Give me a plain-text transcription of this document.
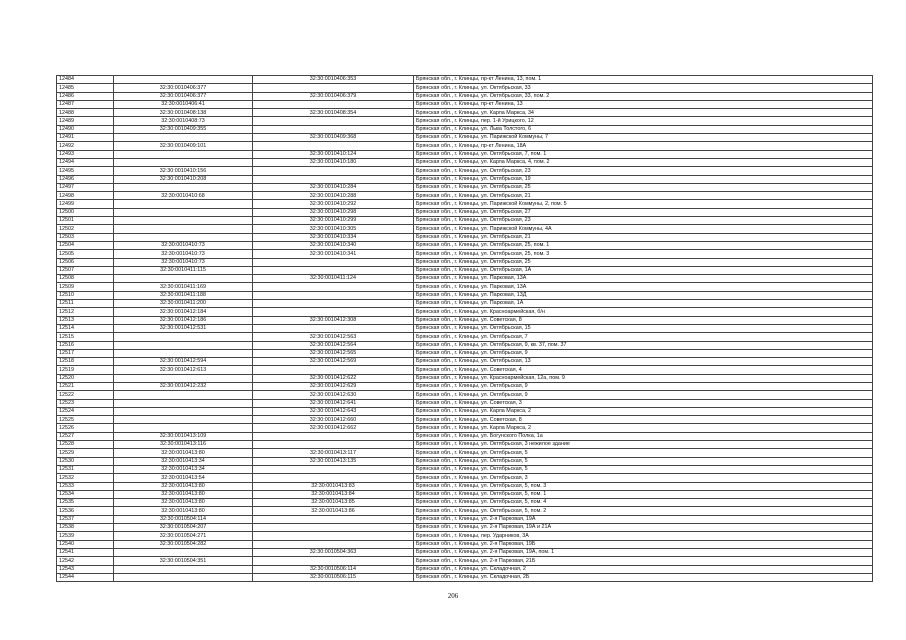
12484		32:30:0010406:353	Брянская обл., г. Клинцы, пр-кт Ленина, 13, пом. 1
12485	32:30:0010406:377		Брянская обл., г. Клинцы, ул. Октябрьская, 33
12486	32:30:0010406:377	32:30:0010406:379	Брянская обл., г. Клинцы, ул. Октябрьская, 33, пом. 2
12487	32:30:0010406:41		Брянская обл., г. Клинцы, пр-кт Ленина, 13
12488	32:30:0010408:138	32:30:0010408:354	Брянская обл., г. Клинцы, ул. Карла Маркса, 34
12489	32:30:0010408:73		Брянская обл., г. Клинцы, пер. 1-й Урицкого, 12
12490	32:30:0010409:355		Брянская обл., г. Клинцы, ул. Льва Толстого, 6
12491		32:30:0010409:368	Брянская обл., г. Клинцы, ул. Парижской Коммуны, 7
12492	32:30:0010409:101		Брянская обл., г. Клинцы, пр-кт Ленина, 18А
12493		32:30:0010410:124	Брянская обл., г. Клинцы, ул. Октябрьская, 7, пом. 1
12494		32:30:0010410:180	Брянская обл., г. Клинцы, ул. Карла Маркса, 4, пом. 2
12495	32:30:0010410:156		Брянская обл., г. Клинцы, ул. Октябрьская, 23
12496	32:30:0010410:208		Брянская обл., г. Клинцы, ул. Октябрьская, 19
12497		32:30:0010410:284	Брянская обл., г. Клинцы, ул. Октябрьская, 25
12498	32:30:0010410:68	32:30:0010410:288	Брянская обл., г. Клинцы, ул. Октябрьская, 21
12499		32:30:0010410:292	Брянская обл., г. Клинцы, ул. Парижской Коммуны, 2, пом. 5
12500		32:30:0010410:298	Брянская обл., г. Клинцы, ул. Октябрьская, 27
12501		32:30:0010410:299	Брянская обл., г. Клинцы, ул. Октябрьская, 23
12502		32:30:0010410:305	Брянская обл., г. Клинцы, ул. Парижской Коммуны, 4А
12503		32:30:0010410:334	Брянская обл., г. Клинцы, ул. Октябрьская, 21
12504	32:30:0010410:73	32:30:0010410:340	Брянская обл., г. Клинцы, ул. Октябрьская, 25, пом. 1
12505	32:30:0010410:73	32:30:0010410:341	Брянская обл., г. Клинцы, ул. Октябрьская, 25, пом. 3
12506	32:30:0010410:73		Брянская обл., г. Клинцы, ул. Октябрьская, 25
12507	32:30:0010411:115		Брянская обл., г. Клинцы, ул. Октябрьская, 1А
12508		32:30:0010411:124	Брянская обл., г. Клинцы, ул. Парковая, 13А
12509	32:30:0010411:169		Брянская обл., г. Клинцы, ул. Парковая, 13А
12510	32:30:0010411:188		Брянская обл., г. Клинцы, ул. Парковая, 13Д
12511	32:30:0010411:200		Брянская обл., г. Клинцы, ул. Парковая, 1А
12512	32:30:0010412:184		Брянская обл., г. Клинцы, ул. Красноармейская, б/н
12513	32:30:0010412:186	32:30:0010412:308	Брянская обл., г. Клинцы, ул. Советская, 8
12514	32:30:0010412:531		Брянская обл., г. Клинцы, ул. Октябрьская, 15
12515		32:30:0010412:563	Брянская обл., г. Клинцы, ул. Октябрьская, 7
12516		32:30:0010412:564	Брянская обл., г. Клинцы, ул. Октябрьская, 9, кв. 37, пом. 37
12517		32:30:0010412:565	Брянская обл., г. Клинцы, ул. Октябрьская, 9
12518	32:30:0010412:594	32:30:0010412:569	Брянская обл., г. Клинцы, ул. Октябрьская, 13
12519	32:30:0010412:613		Брянская обл., г. Клинцы, ул. Советская, 4
12520		32:30:0010412:622	Брянская обл., г. Клинцы, ул. Красноармейская, 12а, пом. 9
12521	32:30:0010412:232	32:30:0010412:629	Брянская обл., г. Клинцы, ул. Октябрьская, 9
12522		32:30:0010412:630	Брянская обл., г. Клинцы, ул. Октябрьская, 9
12523		32:30:0010412:641	Брянская обл., г. Клинцы, ул. Советская, 3
12524		32:30:0010412:643	Брянская обл., г. Клинцы, ул. Карла Маркса, 2
12525		32:30:0010412:660	Брянская обл., г. Клинцы, ул. Советская, 8
12526		32:30:0010412:662	Брянская обл., г. Клинцы, ул. Карла Маркса, 2
12527	32:30:0010413:109		Брянская обл., г. Клинцы, ул. Богунского Полка, 1а
12528	32:30:0010413:116		Брянская обл., г. Клинцы, ул. Октябрьская, 3 нежилое здание
12529	32:30:0010413:80	32:30:0010413:117	Брянская обл., г. Клинцы, ул. Октябрьская, 5
12530	32:30:0010413:34	32:30:0010413:135	Брянская обл., г. Клинцы, ул. Октябрьская, 5
12531	32:30:0010413:34		Брянская обл., г. Клинцы, ул. Октябрьская, 5
12532	32:30:0010413:54		Брянская обл., г. Клинцы, ул. Октябрьская, 3
12533	32:30:0010413:80	32:30:0010413:83	Брянская обл., г. Клинцы, ул. Октябрьская, 5, пом. 3
12534	32:30:0010413:80	32:30:0010413:84	Брянская обл., г. Клинцы, ул. Октябрьская, 5, пом. 1
12535	32:30:0010413:80	32:30:0010413:85	Брянская обл., г. Клинцы, ул. Октябрьская, 5, пом. 4
12536	32:30:0010413:80	32:30:0010413:86	Брянская обл., г. Клинцы, ул. Октябрьская, 5, пом. 2
12537	32:30:0010504:114		Брянская обл., г. Клинцы, ул. 2-я Парковая, 19А
12538	32:30:0010504:207		Брянская обл., г. Клинцы, ул. 2-я Парковая, 19А и 21А
12539	32:30:0010504:271		Брянская обл., г. Клинцы, пер. Ударников, 3А
12540	32:30:0010504:282		Брянская обл., г. Клинцы, ул. 2-я Парковая, 19Б
12541		32:30:0010504:363	Брянская обл., г. Клинцы, ул. 2-я Парковая, 19А, пом. 1
12542	32:30:0010504:351		Брянская обл., г. Клинцы, ул. 2-я Парковая, 21Б
12543		32:30:0010506:114	Брянская обл., г. Клинцы, ул. Складочная, 2
12544		32:30:0010506:115	Брянская обл., г. Клинцы, ул. Складочная, 2Б
206
